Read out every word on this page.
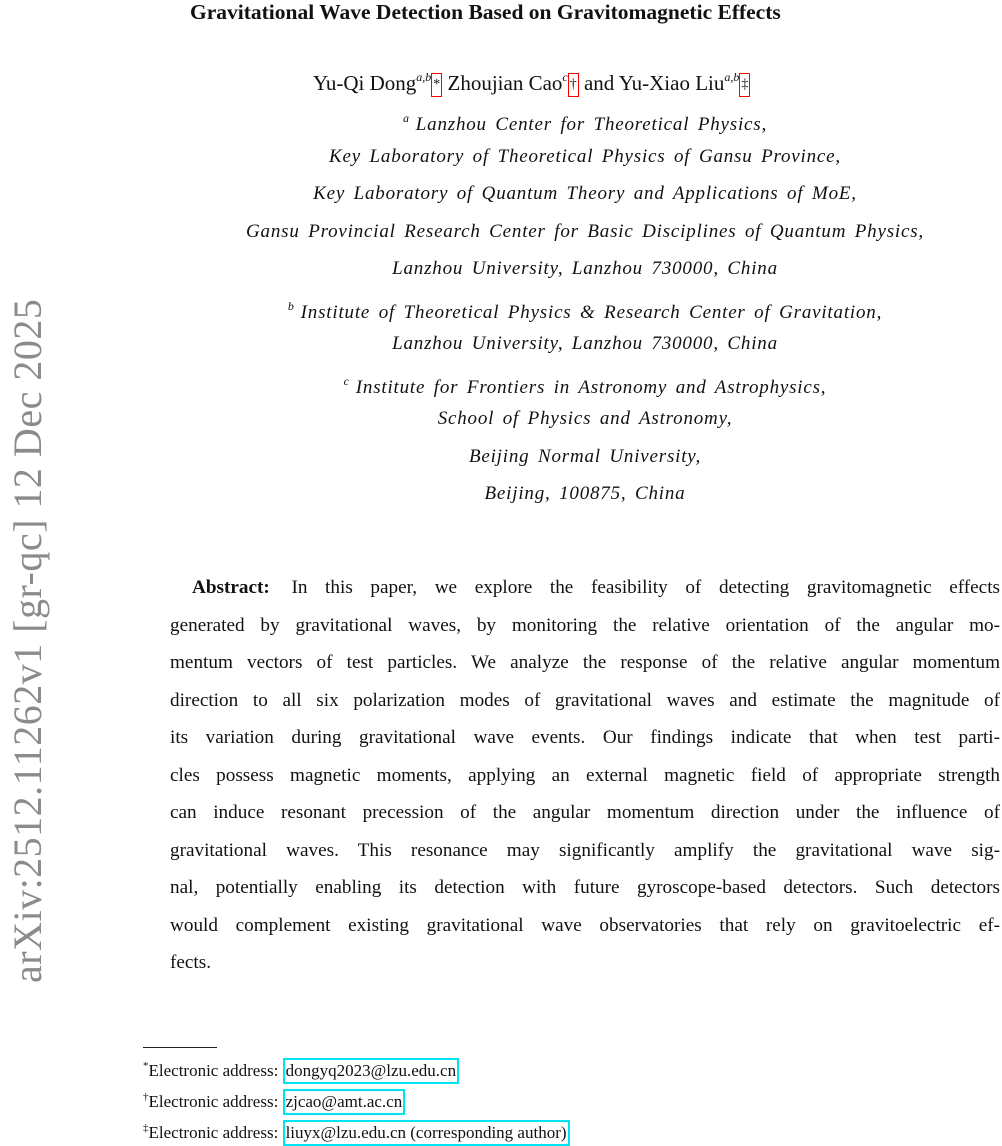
arXiv:2512.11262v1 [gr-qc] 12 Dec 2025
Gravitational Wave Detection Based on Gravitomagnetic Effects
Yu-Qi Dong$^{a,b}$ * Zhoujian Cao$^c$ † and Yu-Xiao Liu$^{a,b}$ ‡
$^a$ Lanzhou Center for Theoretical Physics,
Key Laboratory of Theoretical Physics of Gansu Province,
Key Laboratory of Quantum Theory and Applications of MoE,
Gansu Provincial Research Center for Basic Disciplines of Quantum Physics,
Lanzhou University, Lanzhou 730000, China
$^b$ Institute of Theoretical Physics & Research Center of Gravitation,
Lanzhou University, Lanzhou 730000, China
$^c$ Institute for Frontiers in Astronomy and Astrophysics,
School of Physics and Astronomy,
Beijing Normal University,
Beijing, 100875, China
Abstract: In this paper, we explore the feasibility of detecting gravitomagnetic effects
generated by gravitational waves, by monitoring the relative orientation of the angular mo-
mentum vectors of test particles. We analyze the response of the relative angular momentum
direction to all six polarization modes of gravitational waves and estimate the magnitude of
its variation during gravitational wave events. Our findings indicate that when test parti-
cles possess magnetic moments, applying an external magnetic field of appropriate strength
can induce resonant precession of the angular momentum direction under the influence of
gravitational waves. This resonance may significantly amplify the gravitational wave sig-
nal, potentially enabling its detection with future gyroscope-based detectors. Such detectors
would complement existing gravitational wave observatories that rely on gravitoelectric ef-
fects.
*Electronic address: dongyq2023@lzu.edu.cn
†Electronic address: zjcao@amt.ac.cn
‡Electronic address: liuyx@lzu.edu.cn (corresponding author)
